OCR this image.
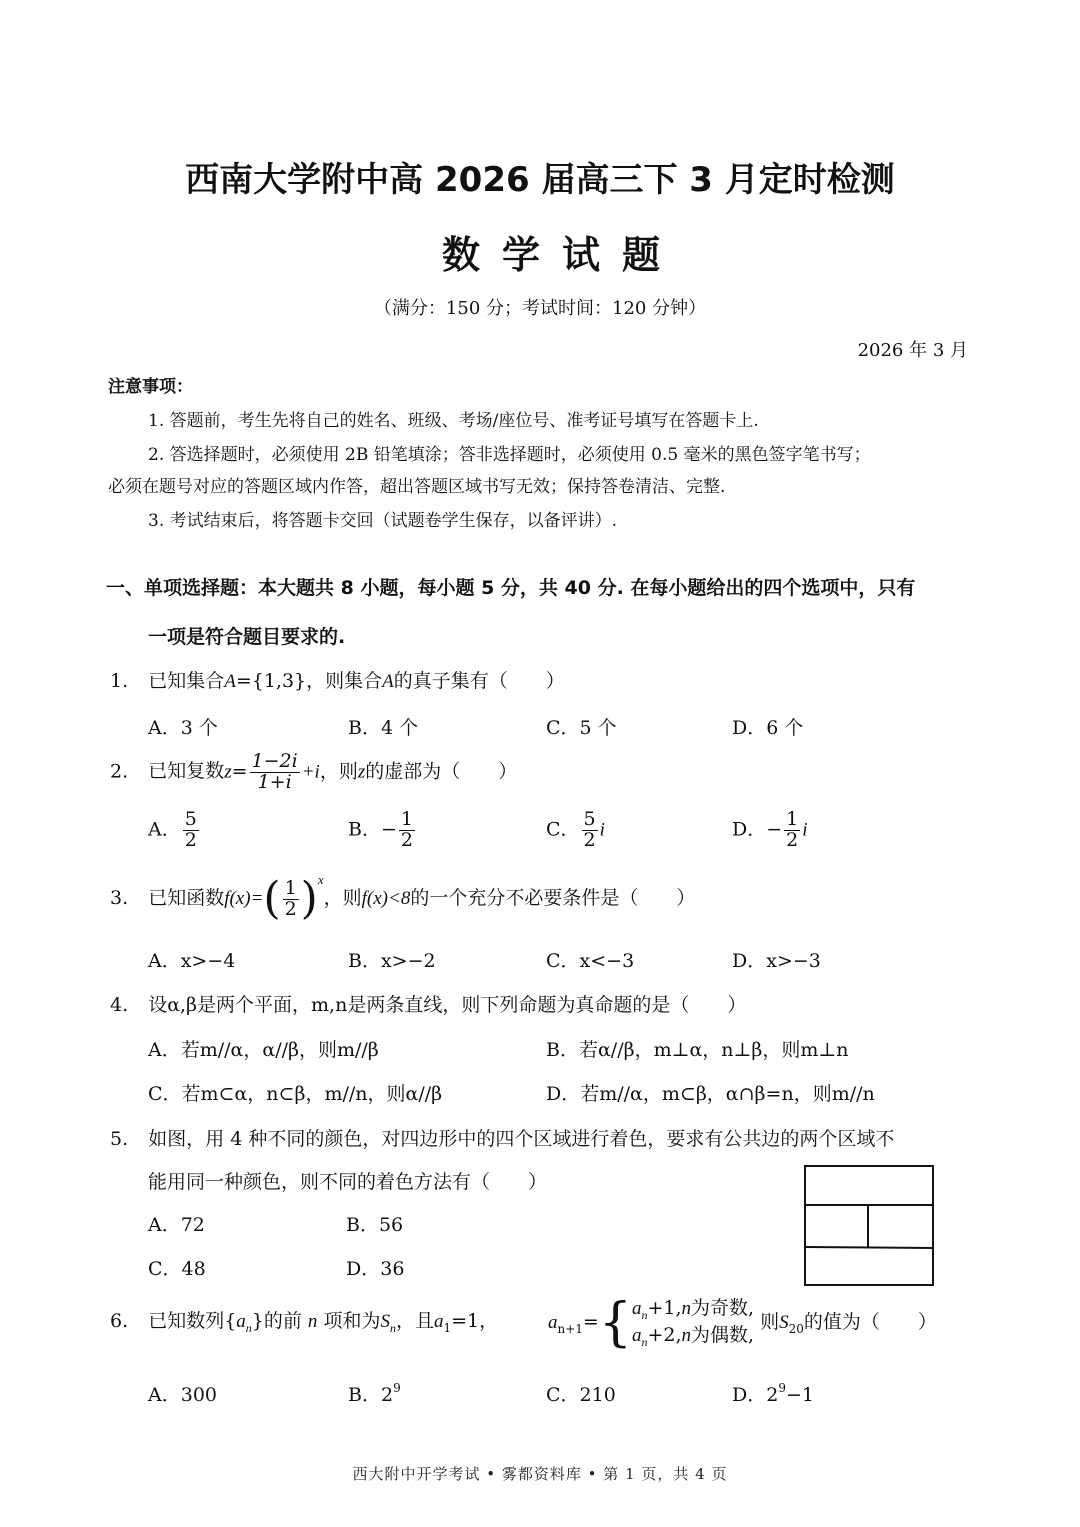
西南大学附中高 2026 届高三下 3 月定时检测
数学试题
（满分：150 分；考试时间：120 分钟）
2026 年 3 月
注意事项：
1. 答题前，考生先将自己的姓名、班级、考场/座位号、准考证号填写在答题卡上.
2. 答选择题时，必须使用 2B 铅笔填涂；答非选择题时，必须使用 0.5 毫米的黑色签字笔书写；
必须在题号对应的答题区域内作答，超出答题区域书写无效；保持答卷清洁、完整.
3. 考试结束后，将答题卡交回（试题卷学生保存，以备评讲）.
一、单项选择题：本大题共 8 小题，每小题 5 分，共 40 分. 在每小题给出的四个选项中，只有
一项是符合题目要求的.
1. 已知集合A={1,3}，则集合A的真子集有（　　）
A．3 个	B．4 个	C．5 个	D．6 个
2. 已知复数$z= \frac{1-2i}{1+i} +i$，则z的虚部为（　　）
A． $\frac{5}{2}$	B．− $\frac{1}{2}$	C． $\frac{5}{2}$ i	D．− $\frac{1}{2}$ i
3. 已知函数$f(x)=( \frac{1}{2} )^x$，则f(x)<8的一个充分不必要条件是（　　）
A．x>−4	B．x>−2	C．x<−3	D．x>−3
4. 设α,β是两个平面，m,n是两条直线，则下列命题为真命题的是（　　）
A．若m//α，α//β，则m//β	B．若α//β，m⊥α，n⊥β，则m⊥n
C．若m⊂α，n⊂β，m//n，则α//β	D．若m//α，m⊂β，α∩β=n，则m//n
5. 如图，用 4 种不同的颜色，对四边形中的四个区域进行着色，要求有公共边的两个区域不
能用同一种颜色，则不同的着色方法有（　　）
A．72	B．56
C．48	D．36
6. 已知数列$\{a_n\}$的前 n 项和为$S_n$，且$a_1=1$，	$a_{n+1}=${ $a_n+1,n$为奇数,
$a_n+2,n$为偶数,
则$S_{20}$的值为（　　）
A．300	B．$2^9$	C．210	D．$2^9-1$
西大附中开学考试 • 雾都资料库 • 第 1 页，共 4 页
